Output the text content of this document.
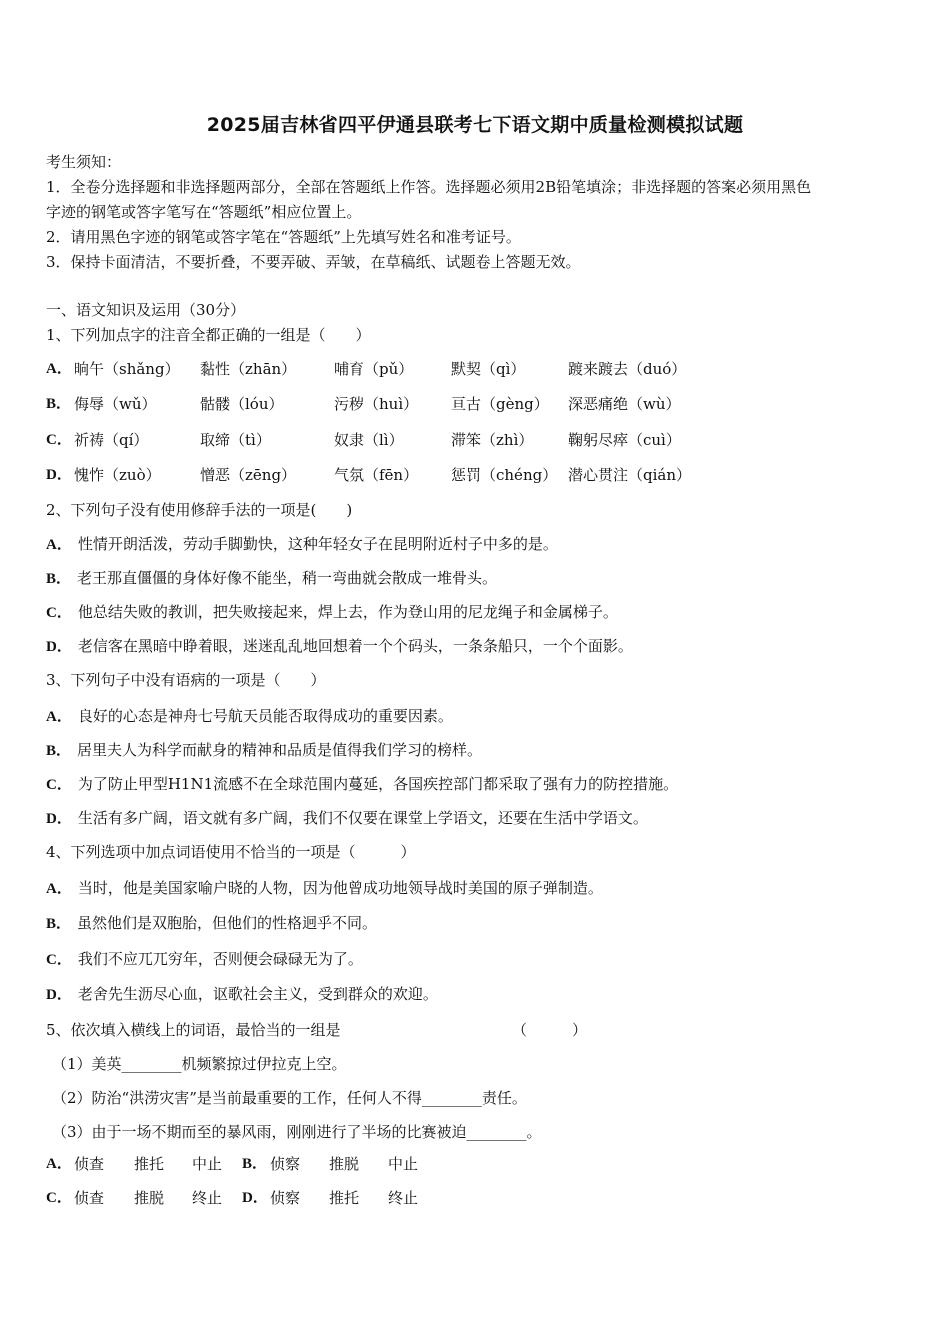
2025届吉林省四平伊通县联考七下语文期中质量检测模拟试题
考生须知：
1．全卷分选择题和非选择题两部分，全部在答题纸上作答。选择题必须用2B铅笔填涂；非选择题的答案必须用黑色
字迹的钢笔或答字笔写在“答题纸”相应位置上。
2．请用黑色字迹的钢笔或答字笔在“答题纸”上先填写姓名和准考证号。
3．保持卡面清洁，不要折叠，不要弄破、弄皱，在草稿纸、试题卷上答题无效。
一、语文知识及运用（30分）
1、下列加点字的注音全都正确的一组是（　　）
A． 晌午（shǎng） 黏性（zhān）	哺育（pǔ）	默契（qì）	踱来踱去（duó）
B． 侮辱（wǔ）	骷髅（lóu）	污秽（huì） 亘古（gèng） 深恶痛绝（wù）
C． 祈祷（qí）	取缔（tì）	奴隶（lì）	滞笨（zhì） 鞠躬尽瘁（cuì）
D． 愧怍（zuò）	憎恶（zēng）	气氛（fēn） 惩罚（chéng） 潜心贯注（qián）
2、下列句子没有使用修辞手法的一项是(　　)
A． 性情开朗活泼，劳动手脚勤快，这种年轻女子在昆明附近村子中多的是。
B． 老王那直僵僵的身体好像不能坐，稍一弯曲就会散成一堆骨头。
C． 他总结失败的教训，把失败接起来，焊上去，作为登山用的尼龙绳子和金属梯子。
D． 老信客在黑暗中睁着眼，迷迷乱乱地回想着一个个码头，一条条船只，一个个面影。
3、下列句子中没有语病的一项是（　　）
A． 良好的心态是神舟七号航天员能否取得成功的重要因素。
B． 居里夫人为科学而献身的精神和品质是值得我们学习的榜样。
C． 为了防止甲型H1N1流感不在全球范围内蔓延，各国疾控部门都采取了强有力的防控措施。
D． 生活有多广阔，语文就有多广阔，我们不仅要在课堂上学语文，还要在生活中学语文。
4、下列选项中加点词语使用不恰当的一项是（　　　）
A． 当时，他是美国家喻户晓的人物，因为他曾成功地领导战时美国的原子弹制造。
B． 虽然他们是双胞胎，但他们的性格迥乎不同。
C． 我们不应兀兀穷年，否则便会碌碌无为了。
D． 老舍先生沥尽心血，讴歌社会主义，受到群众的欢迎。
5、依次填入横线上的词语，最恰当的一组是	（　　　）
（1）美英________机频繁掠过伊拉克上空。
（2）防治“洪涝灾害”是当前最重要的工作，任何人不得________责任。
（3）由于一场不期而至的暴风雨，刚刚进行了半场的比赛被迫________。
A． 侦查 推托 中止 B． 侦察 推脱 中止
C． 侦查 推脱 终止 D． 侦察 推托 终止
